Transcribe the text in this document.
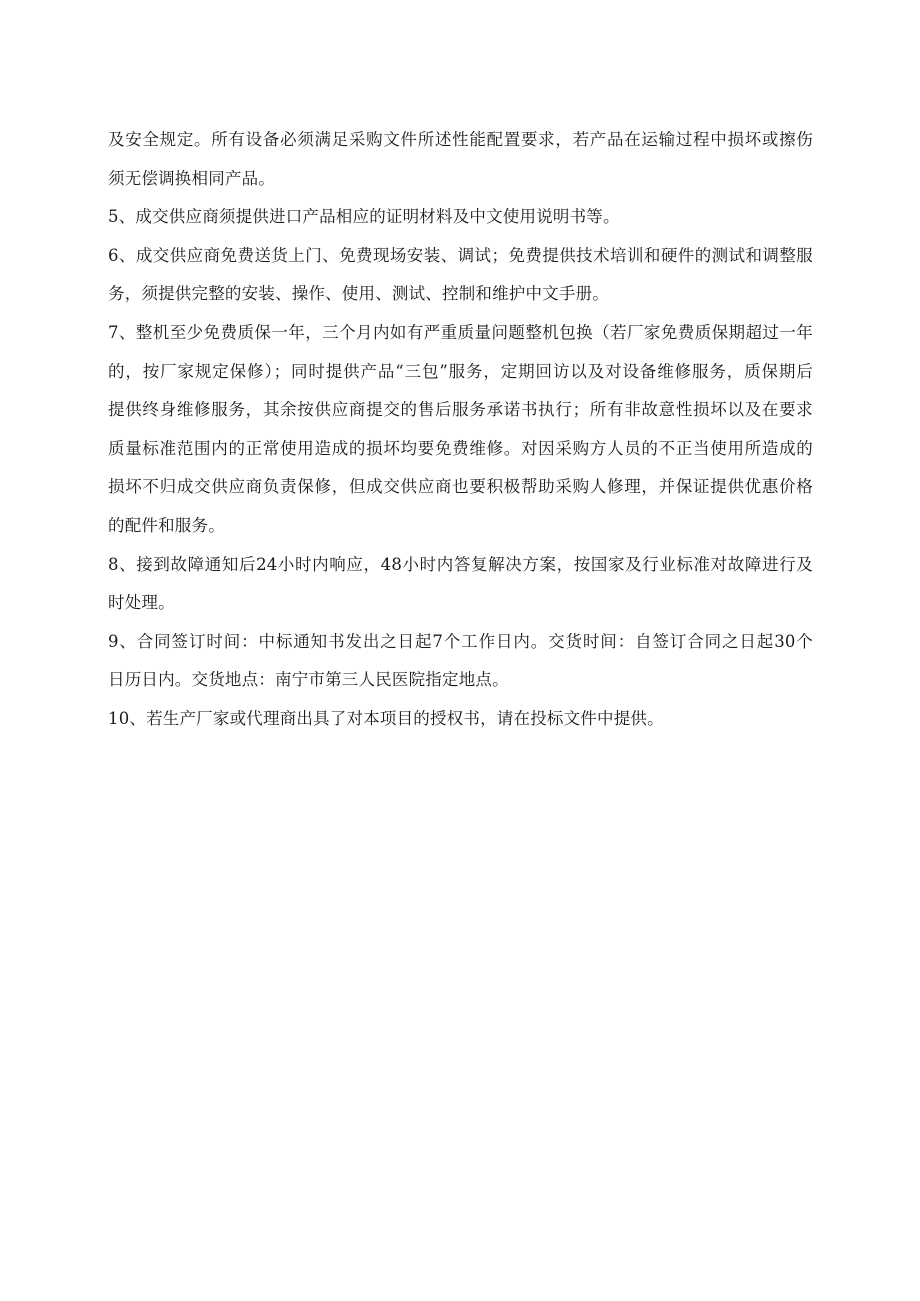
及安全规定。所有设备必须满足采购文件所述性能配置要求，若产品在运输过程中损坏或擦伤
须无偿调换相同产品。
5、成交供应商须提供进口产品相应的证明材料及中文使用说明书等。
6、成交供应商免费送货上门、免费现场安装、调试；免费提供技术培训和硬件的测试和调整服
务，须提供完整的安装、操作、使用、测试、控制和维护中文手册。
7、整机至少免费质保一年，三个月内如有严重质量问题整机包换（若厂家免费质保期超过一年
的，按厂家规定保修）；同时提供产品“三包”服务，定期回访以及对设备维修服务，质保期后
提供终身维修服务，其余按供应商提交的售后服务承诺书执行；所有非故意性损坏以及在要求
质量标准范围内的正常使用造成的损坏均要免费维修。对因采购方人员的不正当使用所造成的
损坏不归成交供应商负责保修，但成交供应商也要积极帮助采购人修理，并保证提供优惠价格
的配件和服务。
8、接到故障通知后24小时内响应，48小时内答复解决方案，按国家及行业标准对故障进行及
时处理。
9、合同签订时间：中标通知书发出之日起7个工作日内。交货时间：自签订合同之日起30个
日历日内。交货地点：南宁市第三人民医院指定地点。
10、若生产厂家或代理商出具了对本项目的授权书，请在投标文件中提供。
